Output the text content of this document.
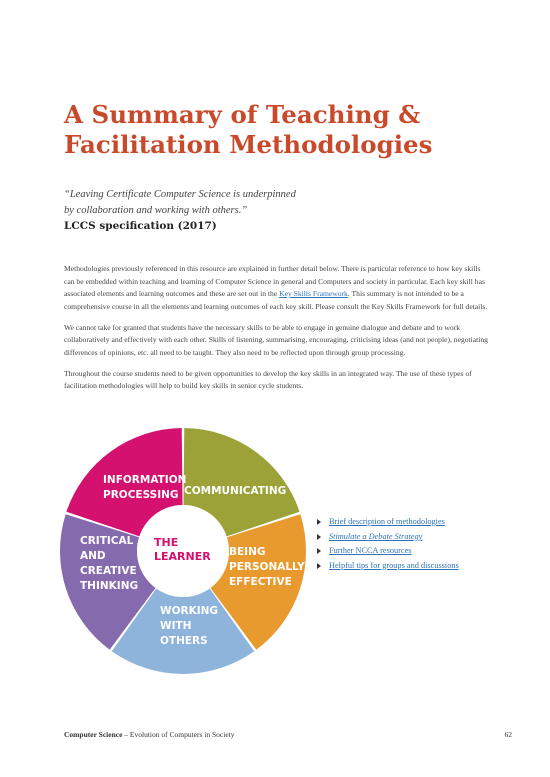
A Summary of Teaching &
Facilitation Methodologies
“Leaving Certificate Computer Science is underpinned
by collaboration and working with others.”
LCCS specification (2017)

Methodologies previously referenced in this resource are explained in further detail below. There is particular reference to how key skills can be embedded within teaching and learning of Computer Science in general and Computers and society in particular. Each key skill has associated elements and learning outcomes and these are set out in the Key Skills Framework. This summary is not intended to be a comprehensive course in all the elements and learning outcomes of each key skill. Please consult the Key Skills Framework for full details.

We cannot take for granted that students have the necessary skills to be able to engage in genuine dialogue and debate and to work collaboratively and effectively with each other. Skills of listening, summarising, encouraging, criticising ideas (and not people), negotiating differences of opinions, etc. all need to be taught. They also need to be reflected upon through group processing.

Throughout the course students need to be given opportunities to develop the key skills in an integrated way. The use of these types of facilitation methodologies will help to build key skills in senior cycle students.

THE
LEARNER
INFORMATION
PROCESSING COMMUNICATING
BEING
PERSONALLY
EFFECTIVE
WORKING
WITH
OTHERS
CRITICAL
AND
CREATIVE
THINKING
Brief description of methodologies
Stimulate a Debate Strategy
Further NCCA resources
Helpful tips for groups and discussions
Computer Science – Evolution of Computers in Society	62
